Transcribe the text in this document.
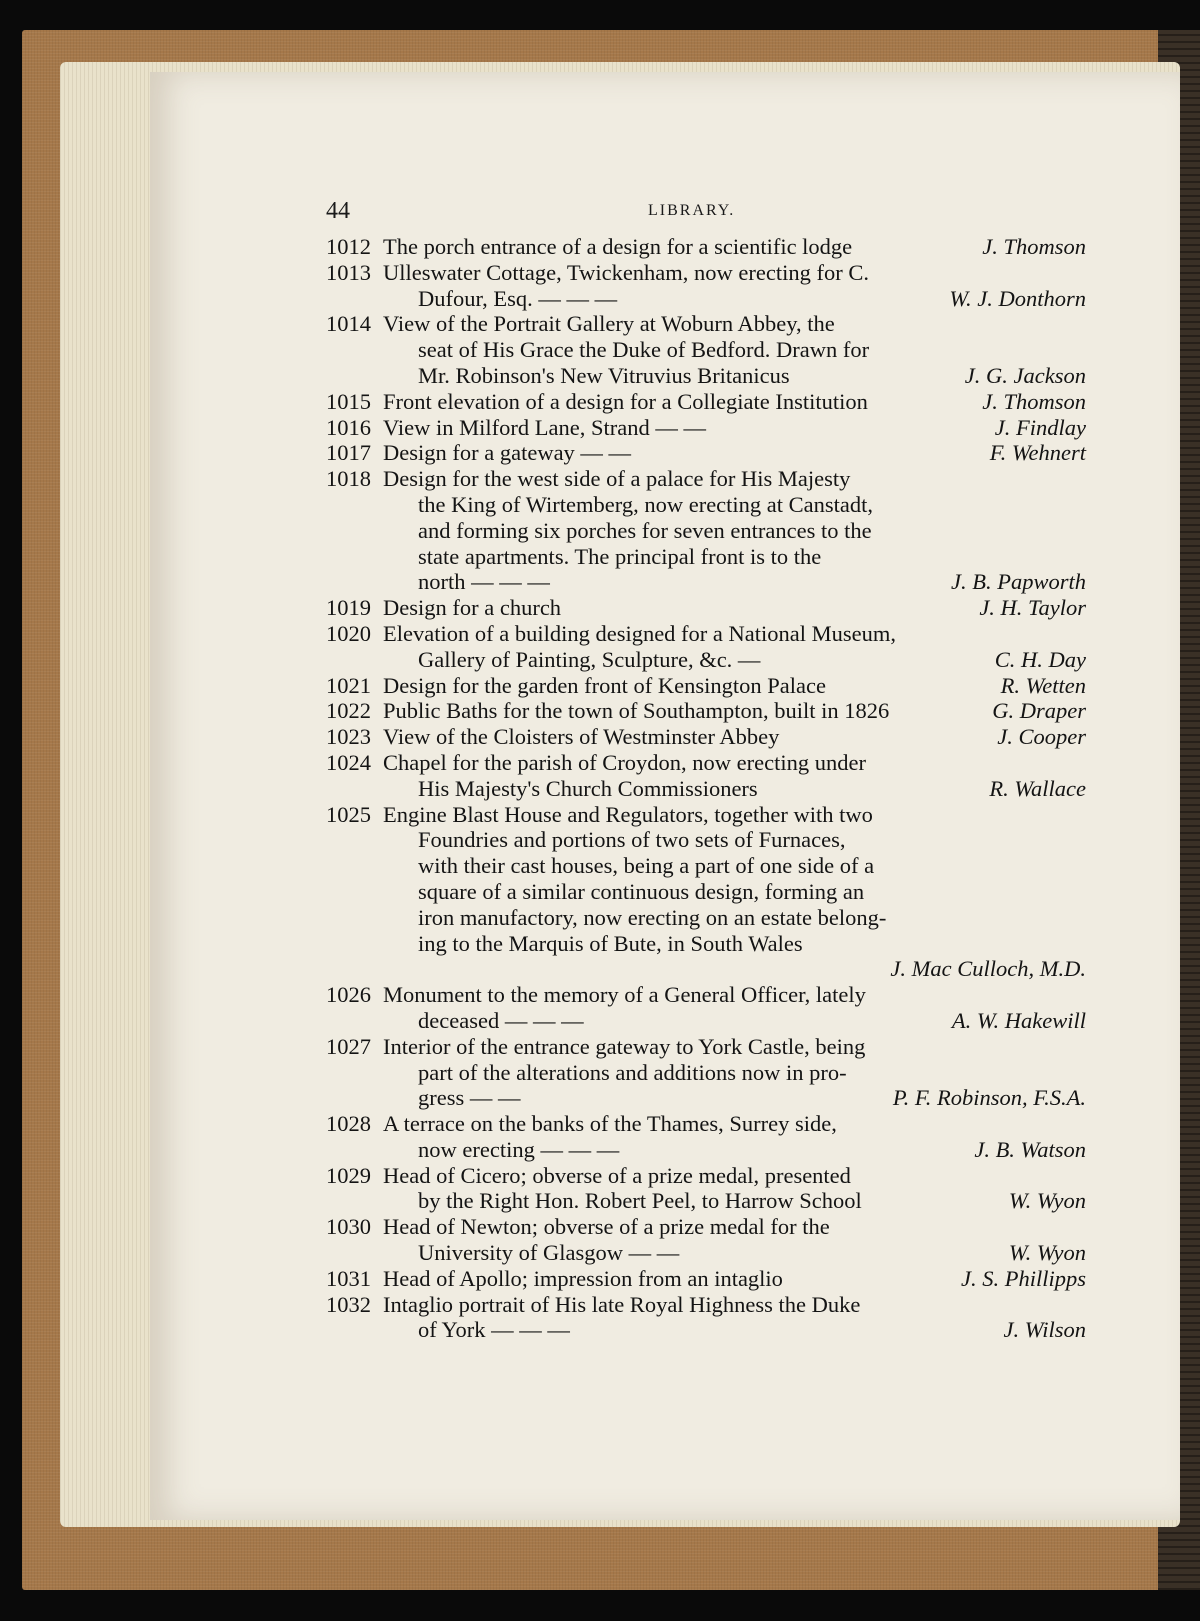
44	LIBRARY.
1012 The porch entrance of a design for a scientific lodge	J. Thomson
1013 Ulleswater Cottage, Twickenham, now erecting for C.
Dufour, Esq. — — —	W. J. Donthorn
1014 View of the Portrait Gallery at Woburn Abbey, the
seat of His Grace the Duke of Bedford. Drawn for
Mr. Robinson's New Vitruvius Britanicus	J. G. Jackson
1015 Front elevation of a design for a Collegiate Institution	J. Thomson
1016 View in Milford Lane, Strand — —	J. Findlay
1017 Design for a gateway — —	F. Wehnert
1018 Design for the west side of a palace for His Majesty
the King of Wirtemberg, now erecting at Canstadt,
and forming six porches for seven entrances to the
state apartments. The principal front is to the
north — — —	J. B. Papworth
1019 Design for a church	J. H. Taylor
1020 Elevation of a building designed for a National Museum,
Gallery of Painting, Sculpture, &c. —	C. H. Day
1021 Design for the garden front of Kensington Palace	R. Wetten
1022 Public Baths for the town of Southampton, built in 1826	G. Draper
1023 View of the Cloisters of Westminster Abbey	J. Cooper
1024 Chapel for the parish of Croydon, now erecting under
His Majesty's Church Commissioners	R. Wallace
1025 Engine Blast House and Regulators, together with two
Foundries and portions of two sets of Furnaces,
with their cast houses, being a part of one side of a
square of a similar continuous design, forming an
iron manufactory, now erecting on an estate belong-
ing to the Marquis of Bute, in South Wales
J. Mac Culloch, M.D.
1026 Monument to the memory of a General Officer, lately
deceased — — —	A. W. Hakewill
1027 Interior of the entrance gateway to York Castle, being
part of the alterations and additions now in pro-
gress — —	P. F. Robinson, F.S.A.
1028 A terrace on the banks of the Thames, Surrey side,
now erecting — — —	J. B. Watson
1029 Head of Cicero; obverse of a prize medal, presented
by the Right Hon. Robert Peel, to Harrow School	W. Wyon
1030 Head of Newton; obverse of a prize medal for the
University of Glasgow — —	W. Wyon
1031 Head of Apollo; impression from an intaglio	J. S. Phillipps
1032 Intaglio portrait of His late Royal Highness the Duke
of York — — —	J. Wilson
